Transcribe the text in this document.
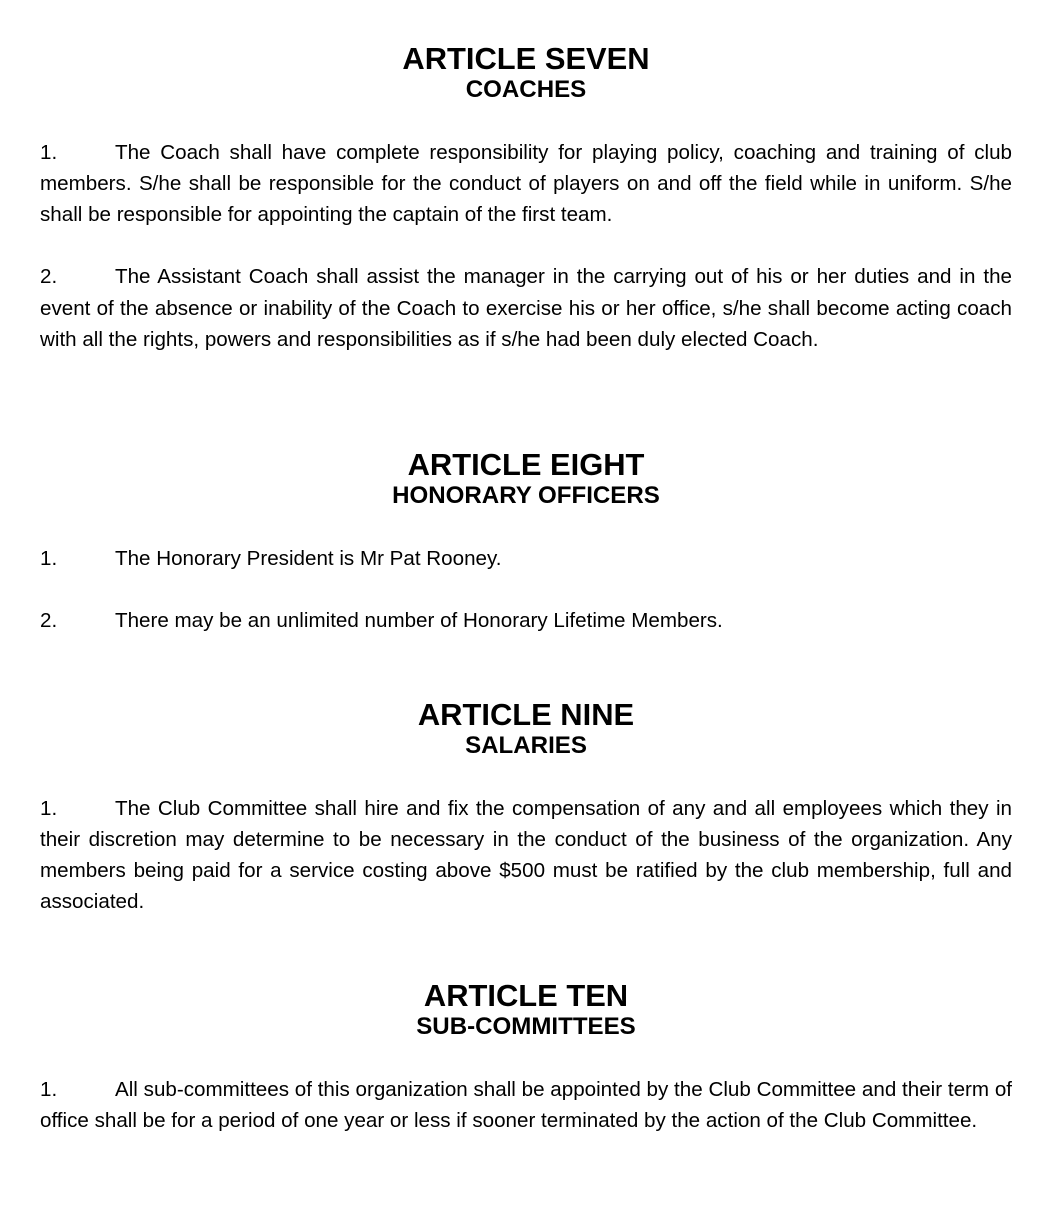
ARTICLE SEVEN
COACHES

1.	The Coach shall have complete responsibility for playing policy, coaching and training of club members. S/he shall be responsible for the conduct of players on and off the field while in uniform. S/he shall be responsible for appointing the captain of the first team.

2.	The Assistant Coach shall assist the manager in the carrying out of his or her duties and in the event of the absence or inability of the Coach to exercise his or her office, s/he shall become acting coach with all the rights, powers and responsibilities as if s/he had been duly elected Coach.

ARTICLE EIGHT
HONORARY OFFICERS

1.	The Honorary President is Mr Pat Rooney.

2.	There may be an unlimited number of Honorary Lifetime Members.

ARTICLE NINE
SALARIES

1.	The Club Committee shall hire and fix the compensation of any and all employees which they in their discretion may determine to be necessary in the conduct of the business of the organization. Any members being paid for a service costing above $500 must be ratified by the club membership, full and associated.

ARTICLE TEN
SUB-COMMITTEES

1.	All sub-committees of this organization shall be appointed by the Club Committee and their term of office shall be for a period of one year or less if sooner terminated by the action of the Club Committee.
